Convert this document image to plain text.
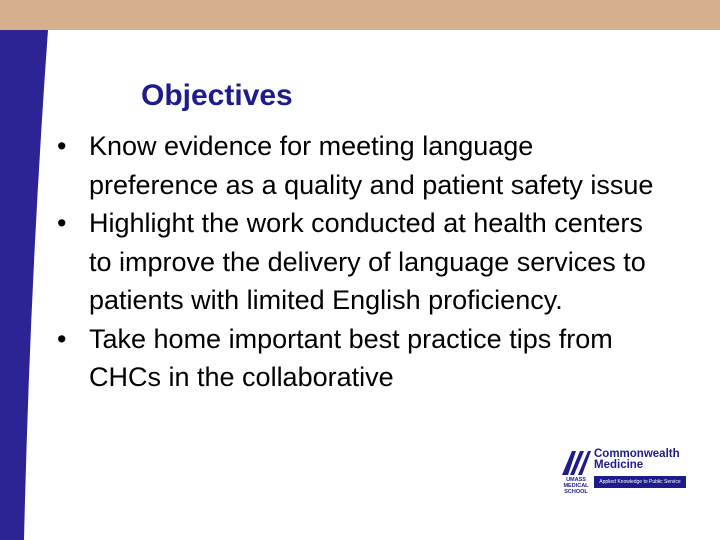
Objectives
• Know evidence for meeting language preference as a quality and patient safety issue
• Highlight the work conducted at health centers to improve the delivery of language services to patients with limited English proficiency.
• Take home important best practice tips from CHCs in the collaborative
Commonwealth
Medicine
UMASS
MEDICAL
SCHOOL
Applied Knowledge to Public Service
